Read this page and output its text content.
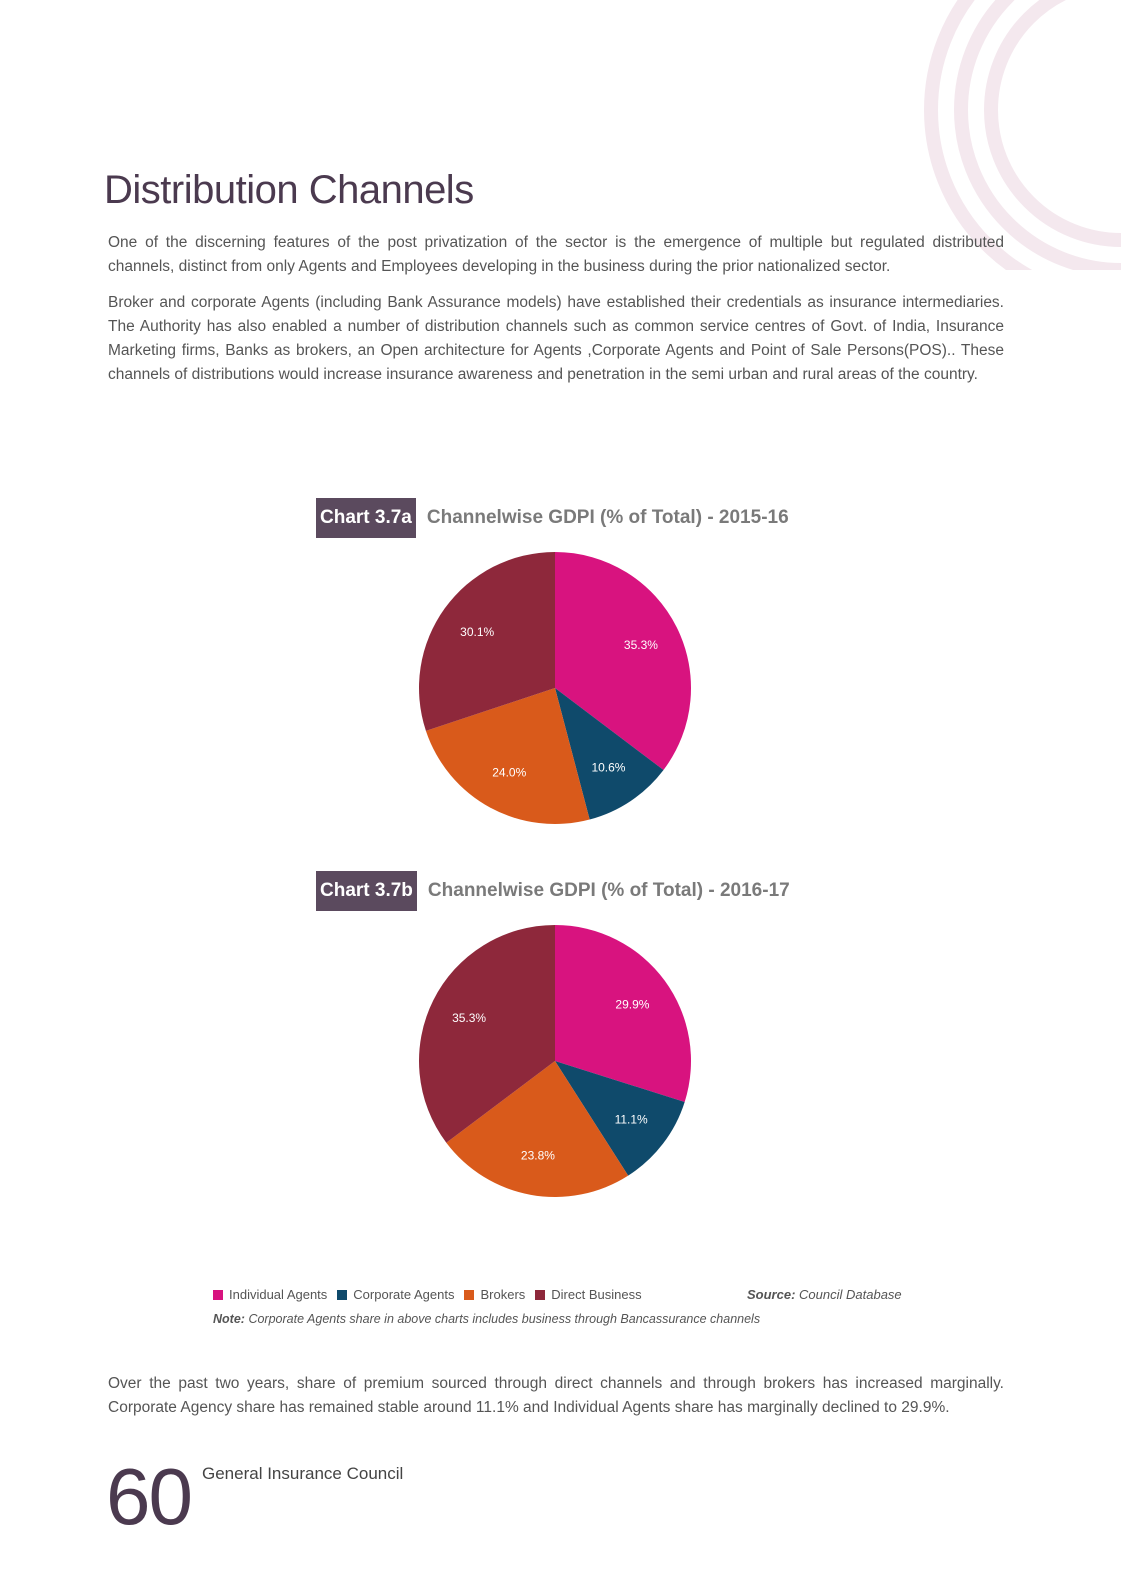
Distribution Channels

One of the discerning features of the post privatization of the sector is the emergence of multiple but regulated distributed channels, distinct from only Agents and Employees developing in the business during the prior nationalized sector.

Broker and corporate Agents (including Bank Assurance models) have established their credentials as insurance intermediaries. The Authority has also enabled a number of distribution channels such as common service centres of Govt. of India, Insurance Marketing firms, Banks as brokers, an Open architecture for Agents ,Corporate Agents and Point of Sale Persons(POS).. These channels of distributions would increase insurance awareness and penetration in the semi urban and rural areas of the country.

Chart 3.7a Channelwise GDPI (% of Total) - 2015-16
35.3%
10.6%
24.0%
30.1%
Chart 3.7b Channelwise GDPI (% of Total) - 2016-17
29.9%
11.1%
23.8%
35.3%
Individual Agents Corporate Agents Brokers Direct Business	Source: Council Database
Note: Corporate Agents share in above charts includes business through Bancassurance channels

Over the past two years, share of premium sourced through direct channels and through brokers has increased marginally. Corporate Agency share has remained stable around 11.1% and Individual Agents share has marginally declined to 29.9%.

60 General Insurance Council
